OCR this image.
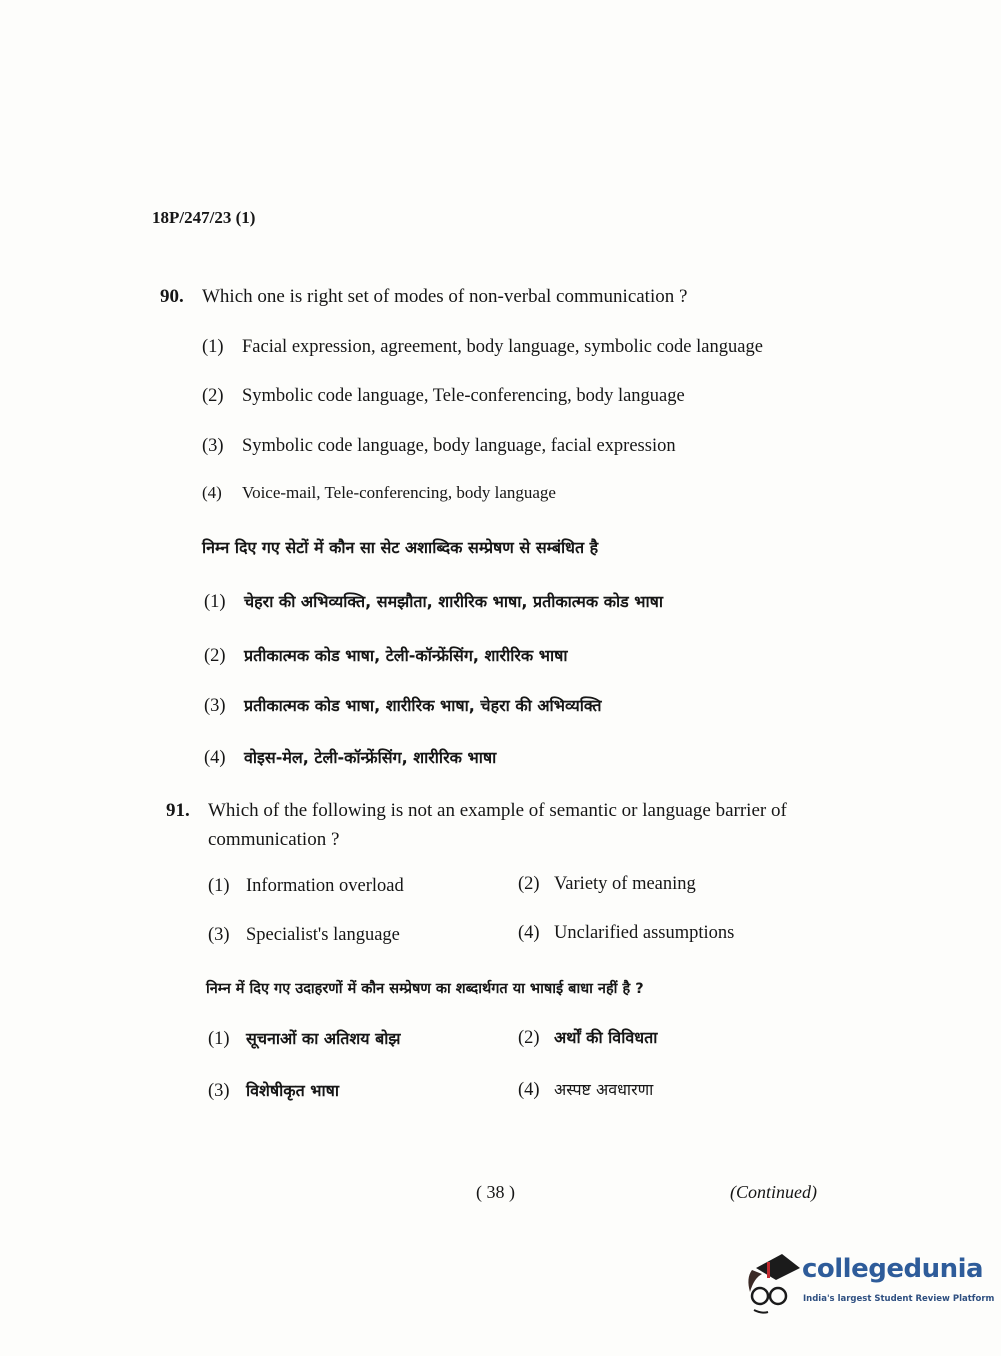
18P/247/23 (1)
90. Which one is right set of modes of non-verbal communication ?
(1) Facial expression, agreement, body language, symbolic code language
(2) Symbolic code language, Tele-conferencing, body language
(3) Symbolic code language, body language, facial expression
(4) Voice-mail, Tele-conferencing, body language
निम्न दिए गए सेटों में कौन सा सेट अशाब्दिक सम्प्रेषण से सम्बंधित है
(1) चेहरा की अभिव्यक्ति, समझौता, शारीरिक भाषा, प्रतीकात्मक कोड भाषा
(2) प्रतीकात्मक कोड भाषा, टेली-कॉन्फ्रेंसिंग, शारीरिक भाषा
(3) प्रतीकात्मक कोड भाषा, शारीरिक भाषा, चेहरा की अभिव्यक्ति
(4) वोइस-मेल, टेली-कॉन्फ्रेंसिंग, शारीरिक भाषा
91. Which of the following is not an example of semantic or language barrier of
communication ?
(1) Information overload	(2) Variety of meaning
(3) Specialist's language	(4) Unclarified assumptions
निम्न में दिए गए उदाहरणों में कौन सम्प्रेषण का शब्दार्थगत या भाषाई बाधा नहीं है ?
(1) सूचनाओं का अतिशय बोझ	(2) अर्थों की विविधता
(3) विशेषीकृत भाषा	(4) अस्पष्ट अवधारणा
( 38 )	(Continued)
collegedunia
India's largest Student Review Platform
